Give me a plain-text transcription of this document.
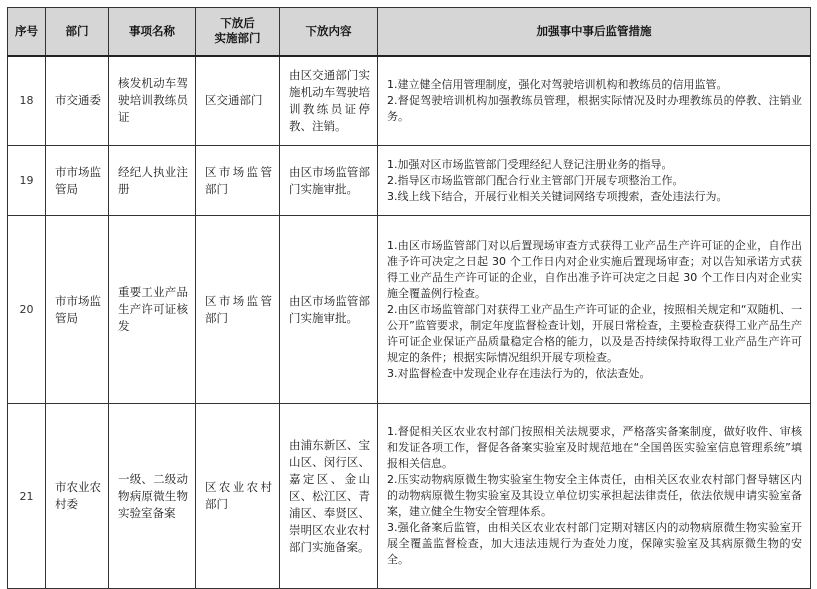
序号	部门	事项名称	下放后
实施部门	下放内容	加强事中事后监管措施
18	市交通委	核发机动车驾驶培训教练员证	区交通部门	由区交通部门实施机动车驾驶培训教练员证停教、注销。	1.建立健全信用管理制度，强化对驾驶培训机构和教练员的信用监管。
2.督促驾驶培训机构加强教练员管理，根据实际情况及时办理教练员的停教、注销业务。

19	市市场监管局	经纪人执业注册	区市场监管部门	由区市场监管部门实施审批。	1.加强对区市场监管部门受理经纪人登记注册业务的指导。
2.指导区市场监管部门配合行业主管部门开展专项整治工作。
3.线上线下结合，开展行业相关关键词网络专项搜索，查处违法行为。

20	市市场监管局	重要工业产品生产许可证核发	区市场监管部门	由区市场监管部门实施审批。	1.由区市场监管部门对以后置现场审查方式获得工业产品生产许可证的企业，自作出准予许可决定之日起 30 个工作日内对企业实施后置现场审查；对以告知承诺方式获得工业产品生产许可证的企业，自作出准予许可决定之日起 30 个工作日内对企业实施全覆盖例行检查。
2.由区市场监管部门对获得工业产品生产许可证的企业，按照相关规定和“双随机、一公开”监管要求，制定年度监督检查计划，开展日常检查，主要检查获得工业产品生产许可证企业保证产品质量稳定合格的能力，以及是否持续保持取得工业产品生产许可规定的条件；根据实际情况组织开展专项检查。
3.对监督检查中发现企业存在违法行为的，依法查处。

21	市农业农村委	一级、二级动物病原微生物实验室备案	区农业农村部门	由浦东新区、宝山区、闵行区、嘉定区、金山区、松江区、青浦区、奉贤区、崇明区农业农村部门实施备案。	1.督促相关区农业农村部门按照相关法规要求，严格落实备案制度，做好收件、审核和发证各项工作，督促各备案实验室及时规范地在“全国兽医实验室信息管理系统”填报相关信息。
2.压实动物病原微生物实验室生物安全主体责任，由相关区农业农村部门督导辖区内的动物病原微生物实验室及其设立单位切实承担起法律责任，依法依规申请实验室备案，建立健全生物安全管理体系。
3.强化备案后监管，由相关区农业农村部门定期对辖区内的动物病原微生物实验室开展全覆盖监督检查，加大违法违规行为查处力度，保障实验室及其病原微生物的安全。
